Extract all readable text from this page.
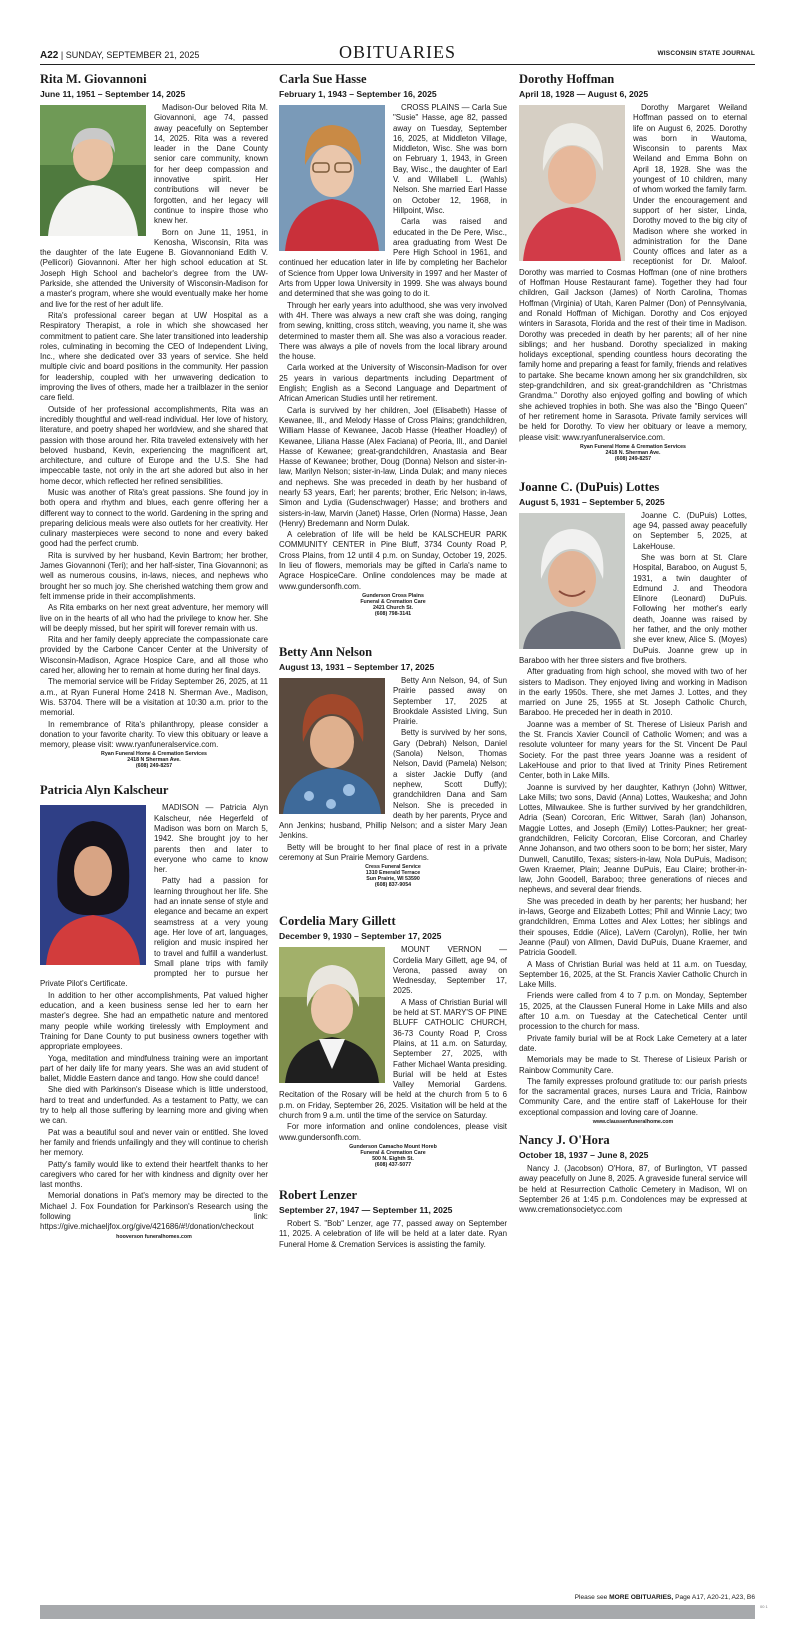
A22 | SUNDAY, SEPTEMBER 21, 2025	OBITUARIES	WISCONSIN STATE JOURNAL
Rita M. Giovannoni
June 11, 1951 – September 14, 2025

Madison-Our beloved Rita M. Giovannoni, age 74, passed away peacefully on September 14, 2025. Rita was a revered leader in the Dane County senior care community, known for her deep compassion and innovative spirit. Her contributions will never be forgotten, and her legacy will continue to inspire those who knew her.

Born on June 11, 1951, in Kenosha, Wisconsin, Rita was the daughter of the late Eugene B. Giovannoniand Edith V. (Pellicori) Giovannoni. After her high school education at St. Joseph High School and bachelor's degree from the UW-Parkside, she attended the University of Wisconsin-Madison for a master's program, where she would eventually make her home and live for the rest of her adult life.

Rita's professional career began at UW Hospital as a Respiratory Therapist, a role in which she showcased her commitment to patient care. She later transitioned into leadership roles, culminating in becoming the CEO of Independent Living, Inc., where she dedicated over 33 years of service. She held multiple civic and board positions in the community. Her passion for leadership, coupled with her unwavering dedication to improving the lives of others, made her a trailblazer in the senior care field.

Outside of her professional accomplishments, Rita was an incredibly thoughtful and well-read individual. Her love of history, literature, and poetry shaped her worldview, and she shared that passion with those around her. Rita traveled extensively with her beloved husband, Kevin, experiencing the magnificent art, architecture, and culture of Europe and the U.S. She had impeccable taste, not only in the art she adored but also in her home decor, which reflected her refined sensibilities.

Music was another of Rita's great passions. She found joy in both opera and rhythm and blues, each genre offering her a different way to connect to the world. Gardening in the spring and preparing delicious meals were also outlets for her creativity. Her culinary masterpieces were second to none and every baked good had the perfect crumb.

Rita is survived by her husband, Kevin Bartrom; her brother, James Giovannoni (Teri); and her half-sister, Tina Giovannoni; as well as numerous cousins, in-laws, nieces, and nephews who brought her so much joy. She cherished watching them grow and felt immense pride in their accomplishments.

As Rita embarks on her next great adventure, her memory will live on in the hearts of all who had the privilege to know her. She will be deeply missed, but her spirit will forever remain with us.

Rita and her family deeply appreciate the compassionate care provided by the Carbone Cancer Center at the University of Wisconsin-Madison, Agrace Hospice Care, and all those who cared her, allowing her to remain at home during her final days.

The memorial service will be Friday September 26, 2025, at 11 a.m., at Ryan Funeral Home 2418 N. Sherman Ave., Madison, Wis. 53704. There will be a visitation at 10:30 a.m. prior to the memorial.

In remembrance of Rita's philanthropy, please consider a donation to your favorite charity. To view this obituary or leave a memory, please visit: www.ryanfuneralservice.com.

Ryan Funeral Home & Cremation Services
2418 N Sherman Ave.
(608) 249-8257
Patricia Alyn Kalscheur

MADISON — Patricia Alyn Kalscheur, née Hegerfeld of Madison was born on March 5, 1942. She brought joy to her parents then and later to everyone who came to know her.

Patty had a passion for learning throughout her life. She had an innate sense of style and elegance and became an expert seamstress at a very young age. Her love of art, languages, religion and music inspired her to travel and fulfill a wanderlust. Small plane trips with family prompted her to pursue her Private Pilot's Certificate.

In addition to her other accomplishments, Pat valued higher education, and a keen business sense led her to earn her master's degree. She had an empathetic nature and mentored many people while working tirelessly with Employment and Training for Dane County to put business owners together with appropriate employees.

Yoga, meditation and mindfulness training were an important part of her daily life for many years. She was an avid student of ballet, Middle Eastern dance and tango. How she could dance!

She died with Parkinson's Disease which is little understood, hard to treat and underfunded. As a testament to Patty, we can try to help all those suffering by learning more and giving when we can.

Pat was a beautiful soul and never vain or entitled. She loved her family and friends unfailingly and they will continue to cherish her memory.

Patty's family would like to extend their heartfelt thanks to her caregivers who cared for her with kindness and dignity over her last months.

Memorial donations in Pat's memory may be directed to the Michael J. Fox Foundation for Parkinson's Research using the following link: https://give.michaeljfox.org/give/421686/#!/donation/checkout

hooverson funeralhomes.com
Carla Sue Hasse
February 1, 1943 – September 16, 2025

CROSS PLAINS — Carla Sue "Susie" Hasse, age 82, passed away on Tuesday, September 16, 2025, at Middleton Village, Middleton, Wisc. She was born on February 1, 1943, in Green Bay, Wisc., the daughter of Earl V. and Willabell L. (Wahls) Nelson. She married Earl Hasse on October 12, 1968, in Hillpoint, Wisc.

Carla was raised and educated in the De Pere, Wisc., area graduating from West De Pere High School in 1961, and continued her education later in life by completing her Bachelor of Science from Upper Iowa University in 1997 and her Master of Arts from Upper Iowa University in 1999. She was always bound and determined that she was going to do it.

Through her early years into adulthood, she was very involved with 4H. There was always a new craft she was doing, ranging from sewing, knitting, cross stitch, weaving, you name it, she was determined to master them all. She was also a voracious reader. There was always a pile of novels from the local library around the house.

Carla worked at the University of Wisconsin-Madison for over 25 years in various departments including Department of English; English as a Second Language and Department of African American Studies until her retirement.

Carla is survived by her children, Joel (Elisabeth) Hasse of Kewanee, Ill., and Melody Hasse of Cross Plains; grandchildren, William Hasse of Kewanee, Jacob Hasse (Heather Hoadley) of Kewanee, Liliana Hasse (Alex Faciana) of Peoria, Ill., and Daniel Hasse of Kewanee; great-grandchildren, Anastasia and Bear Hasse of Kewanee; brother, Doug (Donna) Nelson and sister-in-law, Marilyn Nelson; sister-in-law, Linda Dulak; and many nieces and nephews. She was preceded in death by her husband of nearly 53 years, Earl; her parents; brother, Eric Nelson; in-laws, Simon and Lydia (Gudenschwager) Hasse; and brothers and sisters-in-law, Marvin (Janet) Hasse, Orlen (Norma) Hasse, Jean (Henry) Bredemann and Norm Dulak.

A celebration of life will be held be KALSCHEUR PARK COMMUNITY CENTER in Pine Bluff, 3734 County Road P, Cross Plains, from 12 until 4 p.m. on Sunday, October 19, 2025. In lieu of flowers, memorials may be gifted in Carla's name to Agrace HospiceCare. Online condolences may be made at www.gundersonfh.com.

Gunderson Cross Plains
Funeral & Cremation Care
2421 Church St.
(608) 798-3141
Betty Ann Nelson
August 13, 1931 – September 17, 2025

Betty Ann Nelson, 94, of Sun Prairie passed away on September 17, 2025 at Brookdale Assisted Living, Sun Prairie.

Betty is survived by her sons, Gary (Debrah) Nelson, Daniel (Sanola) Nelson, Thomas Nelson, David (Pamela) Nelson; a sister Jackie Duffy (and nephew, Scott Duffy); grandchildren Dana and Sam Nelson. She is preceded in death by her parents, Pryce and Ann Jenkins; husband, Phillip Nelson; and a sister Mary Jean Jenkins.

Betty will be brought to her final place of rest in a private ceremony at Sun Prairie Memory Gardens.

Cress Funeral Service
1310 Emerald Terrace
Sun Prairie, WI 53590
(608) 837-9054
Cordelia Mary Gillett
December 9, 1930 – September 17, 2025

MOUNT VERNON — Cordelia Mary Gillett, age 94, of Verona, passed away on Wednesday, September 17, 2025.

A Mass of Christian Burial will be held at ST. MARY'S OF PINE BLUFF CATHOLIC CHURCH, 36-73 County Road P, Cross Plains, at 11 a.m. on Saturday, September 27, 2025, with Father Michael Wanta presiding. Burial will be held at Estes Valley Memorial Gardens. Recitation of the Rosary will be held at the church from 5 to 6 p.m. on Friday, September 26, 2025. Visitation will be held at the church from 9 a.m. until the time of the service on Saturday.

For more information and online condolences, please visit www.gundersonfh.com.

Gunderson Camacho Mount Horeb
Funeral & Cremation Care
500 N. Eighth St.
(608) 437-5077
Robert Lenzer
September 27, 1947 — September 11, 2025

Robert S. "Bob" Lenzer, age 77, passed away on September 11, 2025. A celebration of life will be held at a later date. Ryan Funeral Home & Cremation Services is assisting the family.

Dorothy Hoffman
April 18, 1928 — August 6, 2025

Dorothy Margaret Weiland Hoffman passed on to eternal life on August 6, 2025. Dorothy was born in Wautoma, Wisconsin to parents Max Weiland and Emma Bohn on April 18, 1928. She was the youngest of 10 children, many of whom worked the family farm. Under the encouragement and support of her sister, Linda, Dorothy moved to the big city of Madison where she worked in administration for the Dane County offices and later as a receptionist for Dr. Maloof. Dorothy was married to Cosmas Hoffman (one of nine brothers of Hoffman House Restaurant fame). Together they had four children, Gail Jackson (James) of North Carolina, Thomas Hoffman (Virginia) of Utah, Karen Palmer (Don) of Pennsylvania, and Ronald Hoffman of Michigan. Dorothy and Cos enjoyed winters in Sarasota, Florida and the rest of their time in Madison. Dorothy was preceded in death by her parents; all of her nine siblings; and her husband. Dorothy specialized in making holidays exceptional, spending countless hours decorating the family home and preparing a feast for family, friends and relatives to partake. She became known among her six grandchildren, six step-grandchildren, and six great-grandchildren as "Christmas Grandma." Dorothy also enjoyed golfing and bowling of which she achieved trophies in both. She was also the "Bingo Queen" of her retirement home in Sarasota. Private family services will be held for Dorothy. To view her obituary or leave a memory, please visit: www.ryanfuneralservice.com.

Ryan Funeral Home & Cremation Services
2418 N. Sherman Ave.
(608) 249-8257
Joanne C. (DuPuis) Lottes
August 5, 1931 – September 5, 2025

Joanne C. (DuPuis) Lottes, age 94, passed away peacefully on September 5, 2025, at LakeHouse.

She was born at St. Clare Hospital, Baraboo, on August 5, 1931, a twin daughter of Edmund J. and Theodora Elinore (Leonard) DuPuis. Following her mother's early death, Joanne was raised by her father, and the only mother she ever knew, Alice S. (Moyes) DuPuis. Joanne grew up in Baraboo with her three sisters and five brothers.

After graduating from high school, she moved with two of her sisters to Madison. They enjoyed living and working in Madison in the early 1950s. There, she met James J. Lottes, and they married on June 25, 1955 at St. Joseph Catholic Church, Baraboo. He preceded her in death in 2010.

Joanne was a member of St. Therese of Lisieux Parish and the St. Francis Xavier Council of Catholic Women; and was a resolute volunteer for many years for the St. Vincent De Paul Society. For the past three years Joanne was a resident of LakeHouse and prior to that lived at Trinity Pines Retirement Center, both in Lake Mills.

Joanne is survived by her daughter, Kathryn (John) Wittwer, Lake Mills; two sons, David (Anna) Lottes, Waukesha; and John Lottes, Milwaukee. She is further survived by her grandchildren, Adria (Sean) Corcoran, Eric Wittwer, Sarah (Ian) Johanson, Maggie Lottes, and Joseph (Emily) Lottes-Paukner; her great-grandchildren, Felicity Corcoran, Elise Corcoran, and Charley Anne Johanson, and two others soon to be born; her sister, Mary Dunwell, Canutillo, Texas; sisters-in-law, Nola DuPuis, Madison; Gwen Kraemer, Plain; Jeanne DuPuis, Eau Claire; brother-in-law, John Goodell, Baraboo; three generations of nieces and nephews, and several dear friends.

She was preceded in death by her parents; her husband; her in-laws, George and Elizabeth Lottes; Phil and Winnie Lacy; two grandchildren, Emma Lottes and Alex Lottes; her siblings and their spouses, Eddie (Alice), LaVern (Carolyn), Rollie, her twin Jeanne (Paul) von Allmen, David DuPuis, Duane Kraemer, and Patricia Goodell.

A Mass of Christian Burial was held at 11 a.m. on Tuesday, September 16, 2025, at the St. Francis Xavier Catholic Church in Lake Mills.

Friends were called from 4 to 7 p.m. on Monday, September 15, 2025, at the Claussen Funeral Home in Lake Mills and also after 10 a.m. on Tuesday at the Catechetical Center until procession to the church for mass.

Private family burial will be at Rock Lake Cemetery at a later date.

Memorials may be made to St. Therese of Lisieux Parish or Rainbow Community Care.

The family expresses profound gratitude to: our parish priests for the sacramental graces, nurses Laura and Tricia, Rainbow Community Care, and the entire staff of LakeHouse for their exceptional compassion and loving care of Joanne.

www.claussenfuneralhome.com
Nancy J. O'Hora
October 18, 1937 – June 8, 2025

Nancy J. (Jacobson) O'Hora, 87, of Burlington, VT passed away peacefully on June 8, 2025. A graveside funeral service will be held at Resurrection Catholic Cemetery in Madison, WI on September 26 at 1:45 p.m. Condolences may be expressed at www.cremationsocietycc.com

Please see MORE OBITUARIES, Page A17, A20-21, A23, B6
00 1
